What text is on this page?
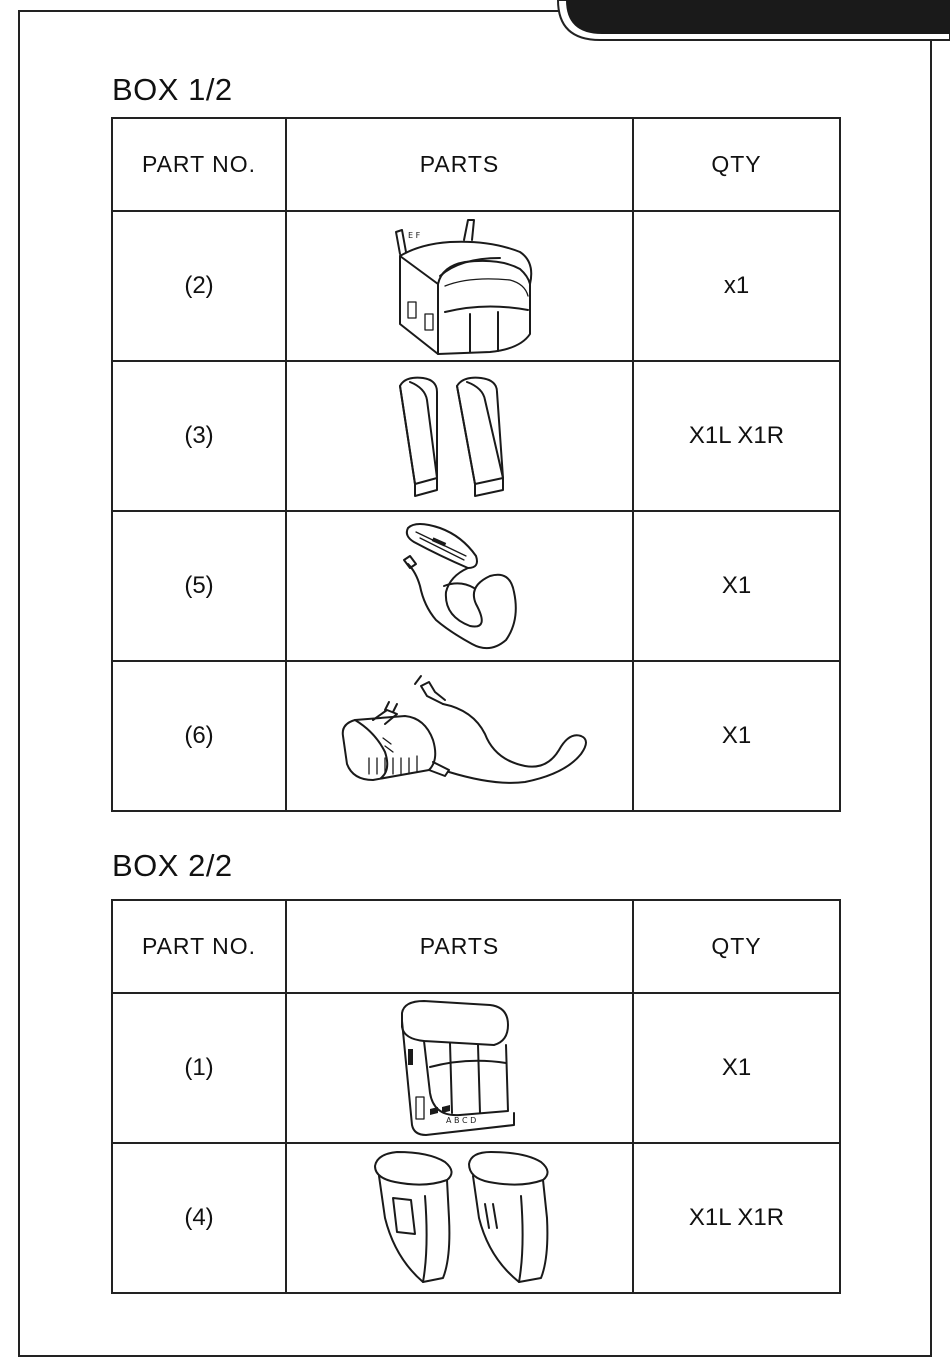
BOX 1/2
PART NO.	PARTS	QTY
(2)	E F	x1
(3)		X1L X1R
(5)		X1
(6)		X1
BOX 2/2
PART NO.	PARTS	QTY
(1)	A B C D	X1
(4)		X1L X1R
